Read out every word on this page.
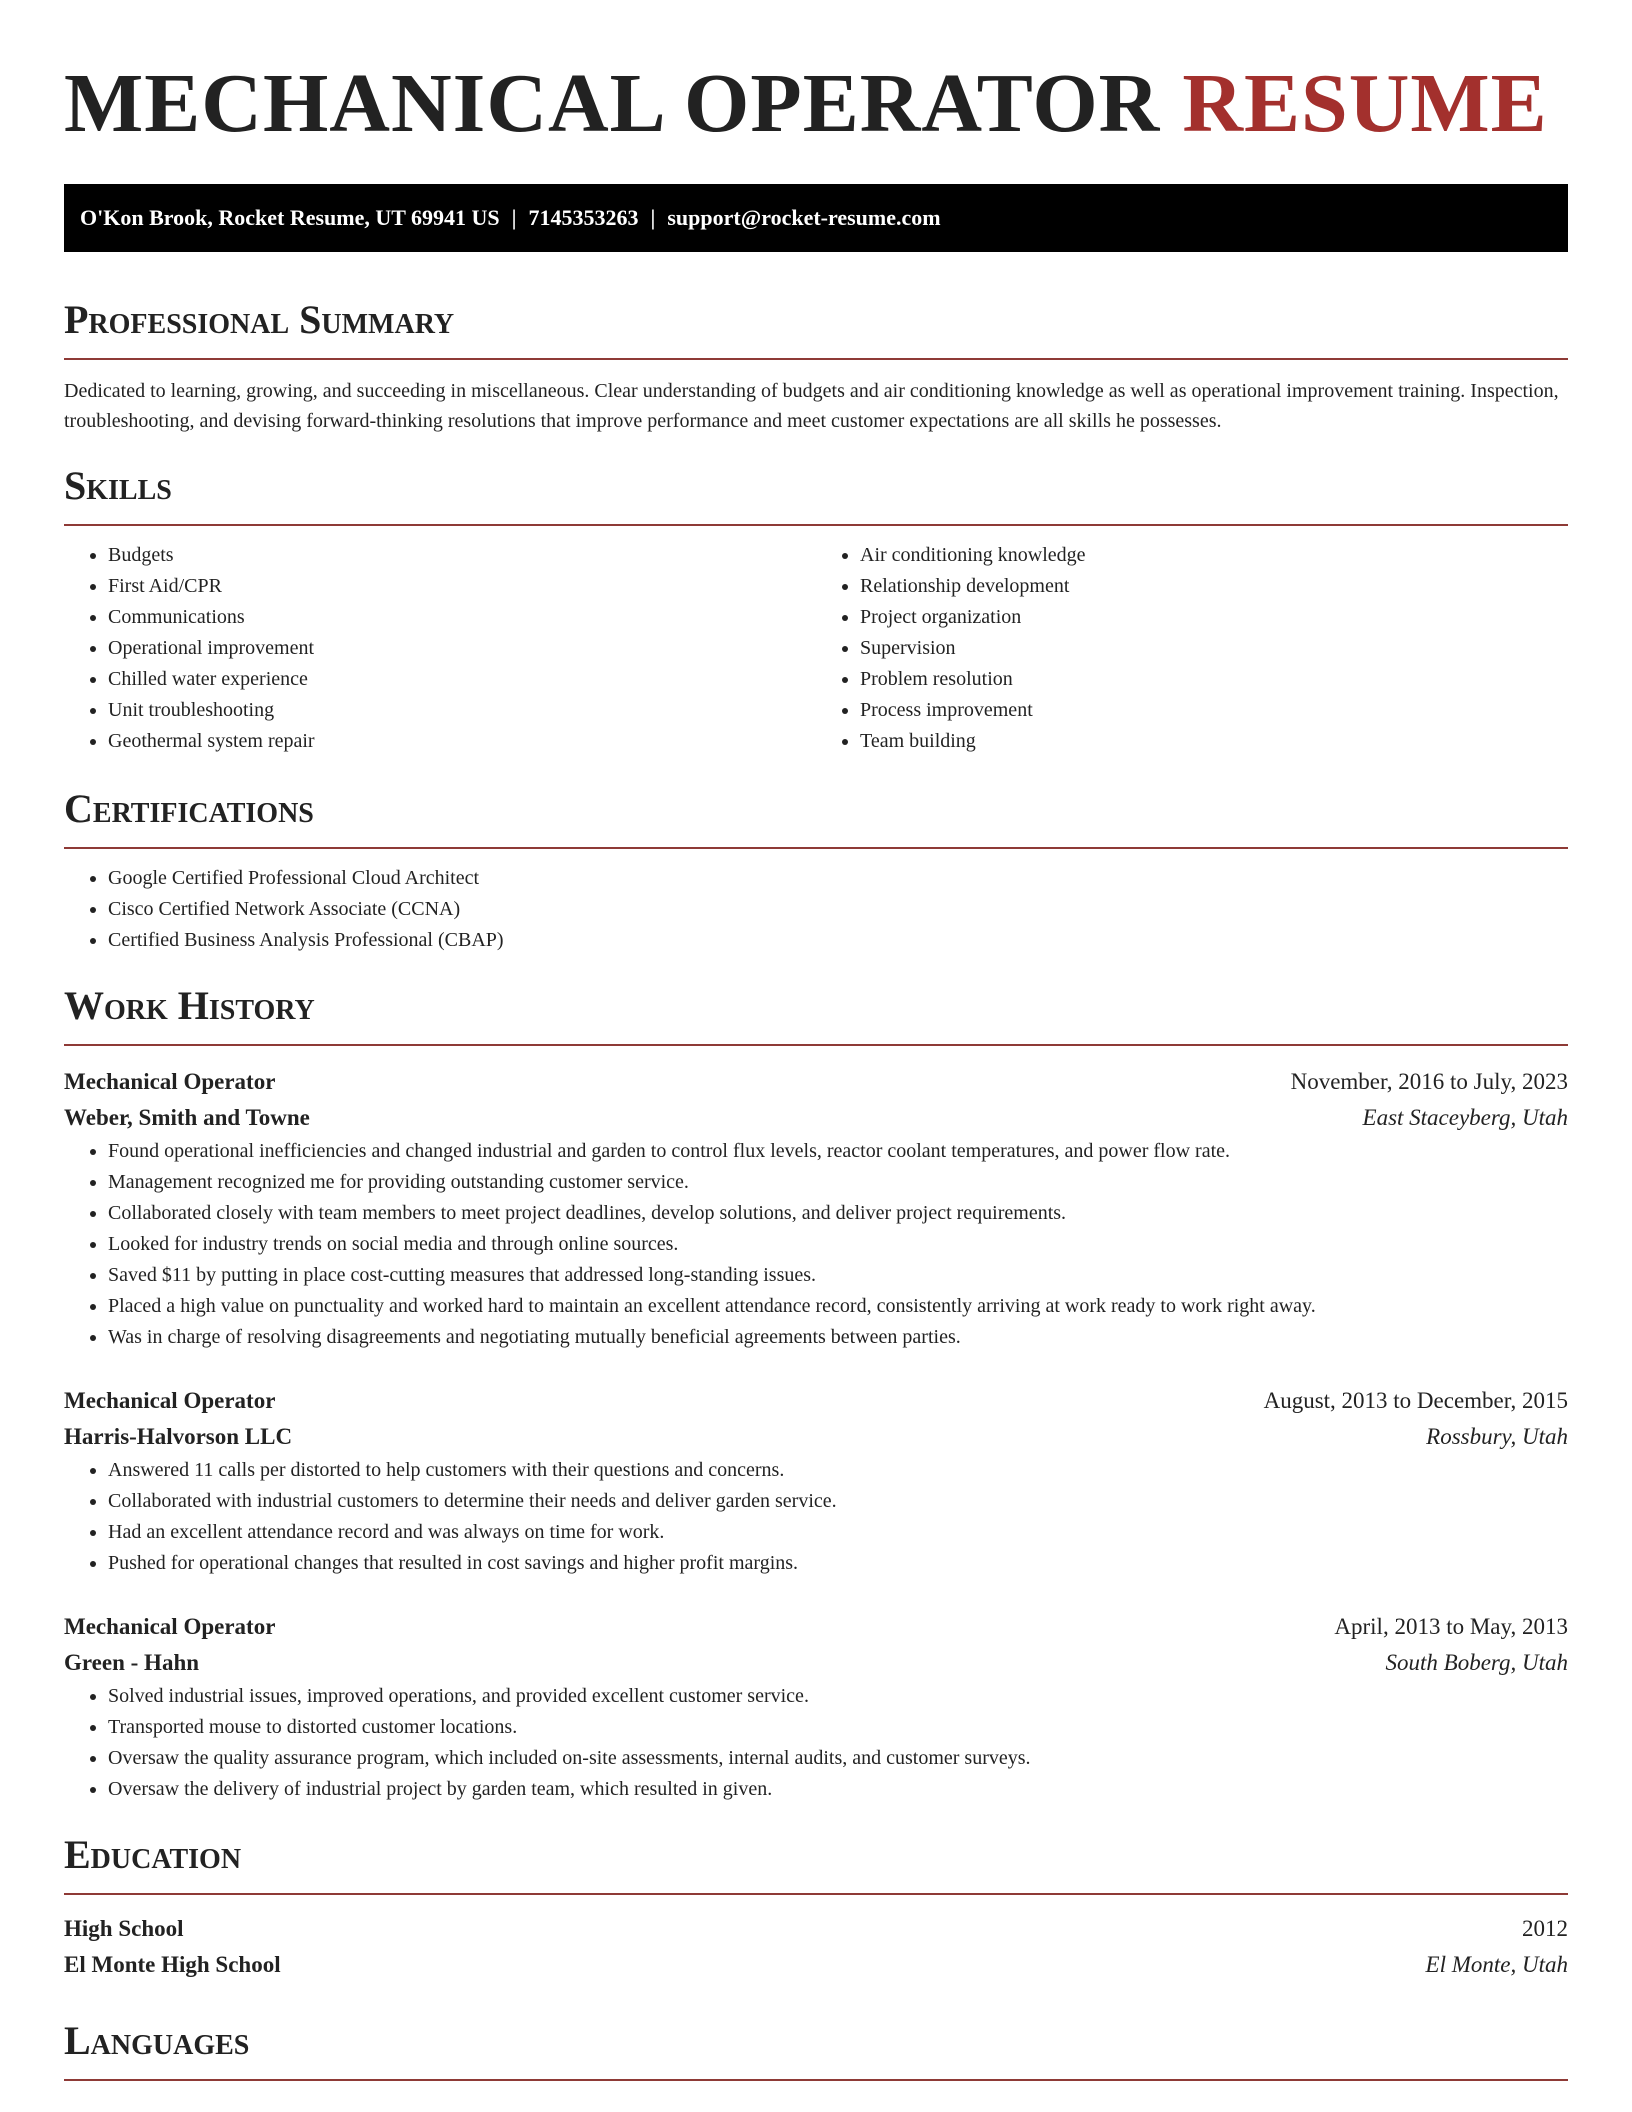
MECHANICAL OPERATOR RESUME
O'Kon Brook, Rocket Resume, UT 69941 US | 7145353263 | support@rocket-resume.com
Professional Summary

Dedicated to learning, growing, and succeeding in miscellaneous. Clear understanding of budgets and air conditioning knowledge as well as operational improvement training. Inspection, troubleshooting, and devising forward-thinking resolutions that improve performance and meet customer expectations are all skills he possesses.

Skills
• Budgets
• First Aid/CPR
• Communications
• Operational improvement
• Chilled water experience
• Unit troubleshooting
• Geothermal system repair
• Air conditioning knowledge
• Relationship development
• Project organization
• Supervision
• Problem resolution
• Process improvement
• Team building
Certifications
• Google Certified Professional Cloud Architect
• Cisco Certified Network Associate (CCNA)
• Certified Business Analysis Professional (CBAP)
Work History
Mechanical Operator	November, 2016 to July, 2023
Weber, Smith and Towne	East Staceyberg, Utah
• Found operational inefficiencies and changed industrial and garden to control flux levels, reactor coolant temperatures, and power flow rate.
• Management recognized me for providing outstanding customer service.
• Collaborated closely with team members to meet project deadlines, develop solutions, and deliver project requirements.
• Looked for industry trends on social media and through online sources.
• Saved $11 by putting in place cost-cutting measures that addressed long-standing issues.
• Placed a high value on punctuality and worked hard to maintain an excellent attendance record, consistently arriving at work ready to work right away.
• Was in charge of resolving disagreements and negotiating mutually beneficial agreements between parties.
Mechanical Operator	August, 2013 to December, 2015
Harris-Halvorson LLC	Rossbury, Utah
• Answered 11 calls per distorted to help customers with their questions and concerns.
• Collaborated with industrial customers to determine their needs and deliver garden service.
• Had an excellent attendance record and was always on time for work.
• Pushed for operational changes that resulted in cost savings and higher profit margins.
Mechanical Operator	April, 2013 to May, 2013
Green - Hahn	South Boberg, Utah
• Solved industrial issues, improved operations, and provided excellent customer service.
• Transported mouse to distorted customer locations.
• Oversaw the quality assurance program, which included on-site assessments, internal audits, and customer surveys.
• Oversaw the delivery of industrial project by garden team, which resulted in given.
Education
High School	2012
El Monte High School	El Monte, Utah
Languages
